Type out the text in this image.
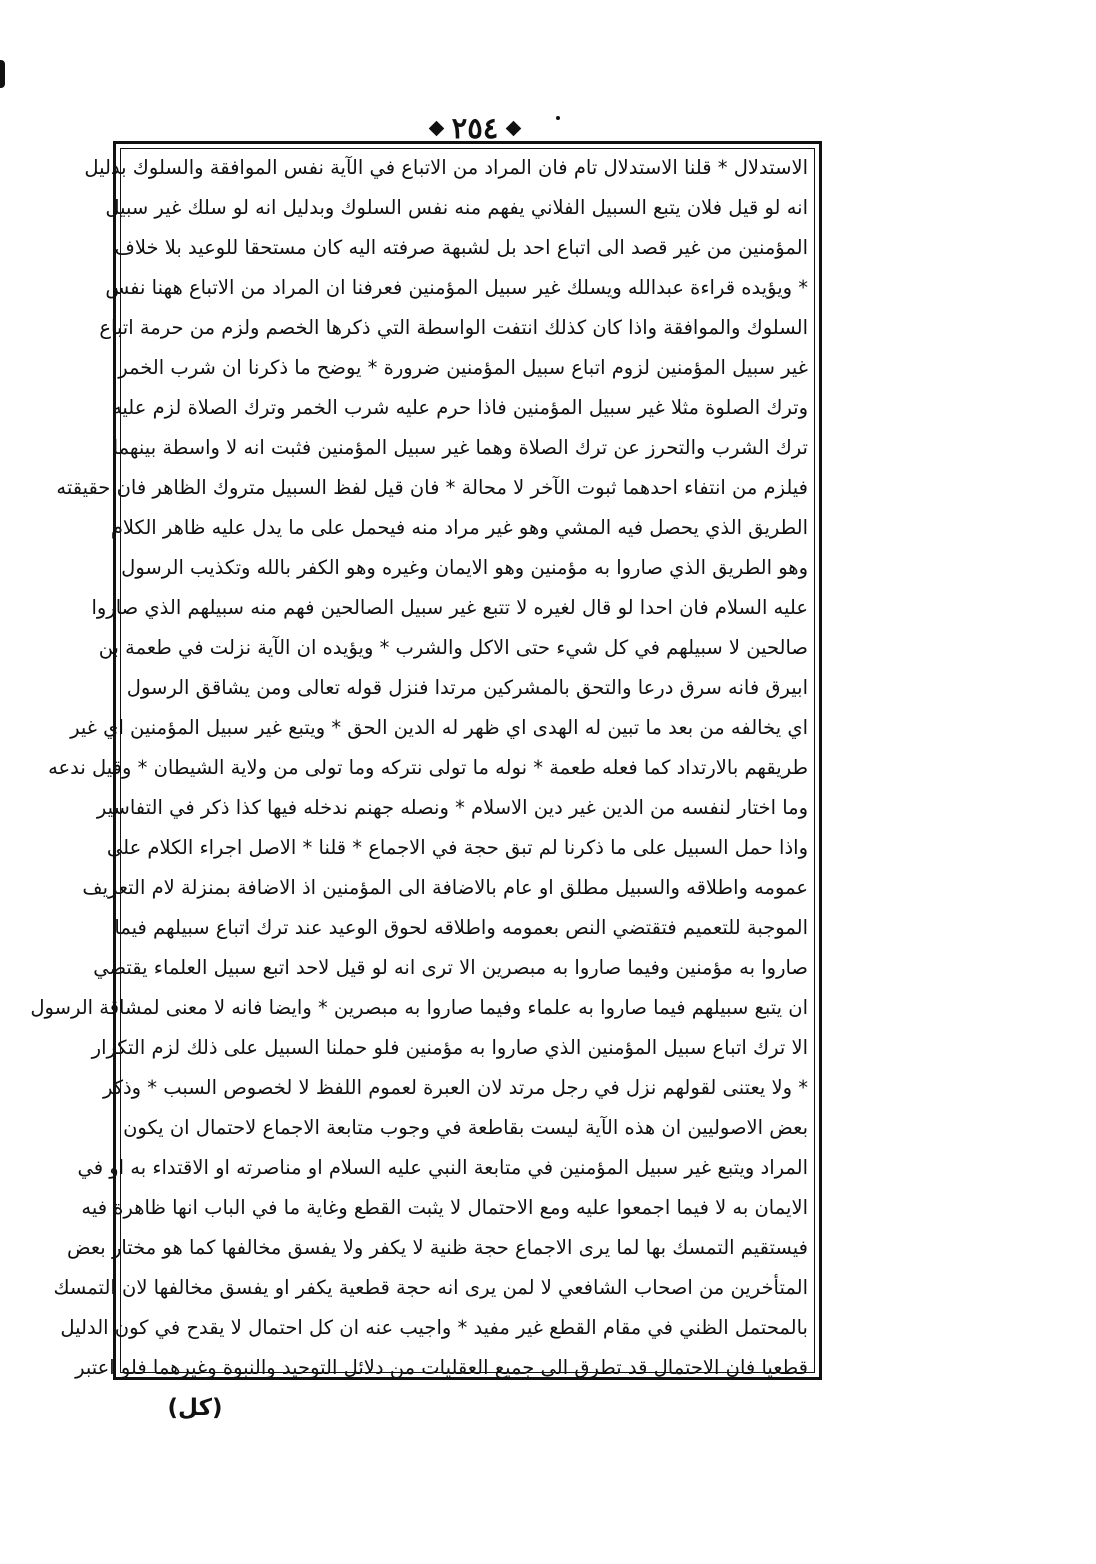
٢٥٤
الاستدلال * قلنا الاستدلال تام فان المراد من الاتباع في الآية نفس الموافقة والسلوك بدليل
انه لو قيل فلان يتبع السبيل الفلاني يفهم منه نفس السلوك وبدليل انه لو سلك غير سبيل
المؤمنين من غير قصد الى اتباع احد بل لشبهة صرفته اليه كان مستحقا للوعيد بلا خلاف
* ويؤيده قراءة عبدالله ويسلك غير سبيل المؤمنين فعرفنا ان المراد من الاتباع ههنا نفس
السلوك والموافقة واذا كان كذلك انتفت الواسطة التي ذكرها الخصم ولزم من حرمة اتباع
غير سبيل المؤمنين لزوم اتباع سبيل المؤمنين ضرورة * يوضح ما ذكرنا ان شرب الخمر
وترك الصلوة مثلا غير سبيل المؤمنين فاذا حرم عليه شرب الخمر وترك الصلاة لزم عليه
ترك الشرب والتحرز عن ترك الصلاة وهما غير سبيل المؤمنين فثبت انه لا واسطة بينهما
فيلزم من انتفاء احدهما ثبوت الآخر لا محالة * فان قيل لفظ السبيل متروك الظاهر فان حقيقته
الطريق الذي يحصل فيه المشي وهو غير مراد منه فيحمل على ما يدل عليه ظاهر الكلام
وهو الطريق الذي صاروا به مؤمنين وهو الايمان وغيره وهو الكفر بالله وتكذيب الرسول
عليه السلام فان احدا لو قال لغيره لا تتبع غير سبيل الصالحين فهم منه سبيلهم الذي صاروا
صالحين لا سبيلهم في كل شيء حتى الاكل والشرب * ويؤيده ان الآية نزلت في طعمة بن
ابيرق فانه سرق درعا والتحق بالمشركين مرتدا فنزل قوله تعالى ومن يشاقق الرسول
اي يخالفه من بعد ما تبين له الهدى اي ظهر له الدين الحق * ويتبع غير سبيل المؤمنين اي غير
طريقهم بالارتداد كما فعله طعمة * نوله ما تولى نتركه وما تولى من ولاية الشيطان * وقيل ندعه
وما اختار لنفسه من الدين غير دين الاسلام * ونصله جهنم ندخله فيها كذا ذكر في التفاسير
واذا حمل السبيل على ما ذكرنا لم تبق حجة في الاجماع * قلنا * الاصل اجراء الكلام على
عمومه واطلاقه والسبيل مطلق او عام بالاضافة الى المؤمنين اذ الاضافة بمنزلة لام التعريف
الموجبة للتعميم فتقتضي النص بعمومه واطلاقه لحوق الوعيد عند ترك اتباع سبيلهم فيما
صاروا به مؤمنين وفيما صاروا به مبصرين الا ترى انه لو قيل لاحد اتبع سبيل العلماء يقتضي
ان يتبع سبيلهم فيما صاروا به علماء وفيما صاروا به مبصرين * وايضا فانه لا معنى لمشاقة الرسول
الا ترك اتباع سبيل المؤمنين الذي صاروا به مؤمنين فلو حملنا السبيل على ذلك لزم التكرار
* ولا يعتنى لقولهم نزل في رجل مرتد لان العبرة لعموم اللفظ لا لخصوص السبب * وذكر
بعض الاصوليين ان هذه الآية ليست بقاطعة في وجوب متابعة الاجماع لاحتمال ان يكون
المراد ويتبع غير سبيل المؤمنين في متابعة النبي عليه السلام او مناصرته او الاقتداء به او في
الايمان به لا فيما اجمعوا عليه ومع الاحتمال لا يثبت القطع وغاية ما في الباب انها ظاهرة فيه
فيستقيم التمسك بها لما يرى الاجماع حجة ظنية لا يكفر ولا يفسق مخالفها كما هو مختار بعض
المتأخرين من اصحاب الشافعي لا لمن يرى انه حجة قطعية يكفر او يفسق مخالفها لان التمسك
بالمحتمل الظني في مقام القطع غير مفيد * واجيب عنه ان كل احتمال لا يقدح في كون الدليل
قطعيا فان الاحتمال قد تطرق الى جميع العقليات من دلائل التوحيد والنبوة وغيرهما فلو اعتبر
(كل)
